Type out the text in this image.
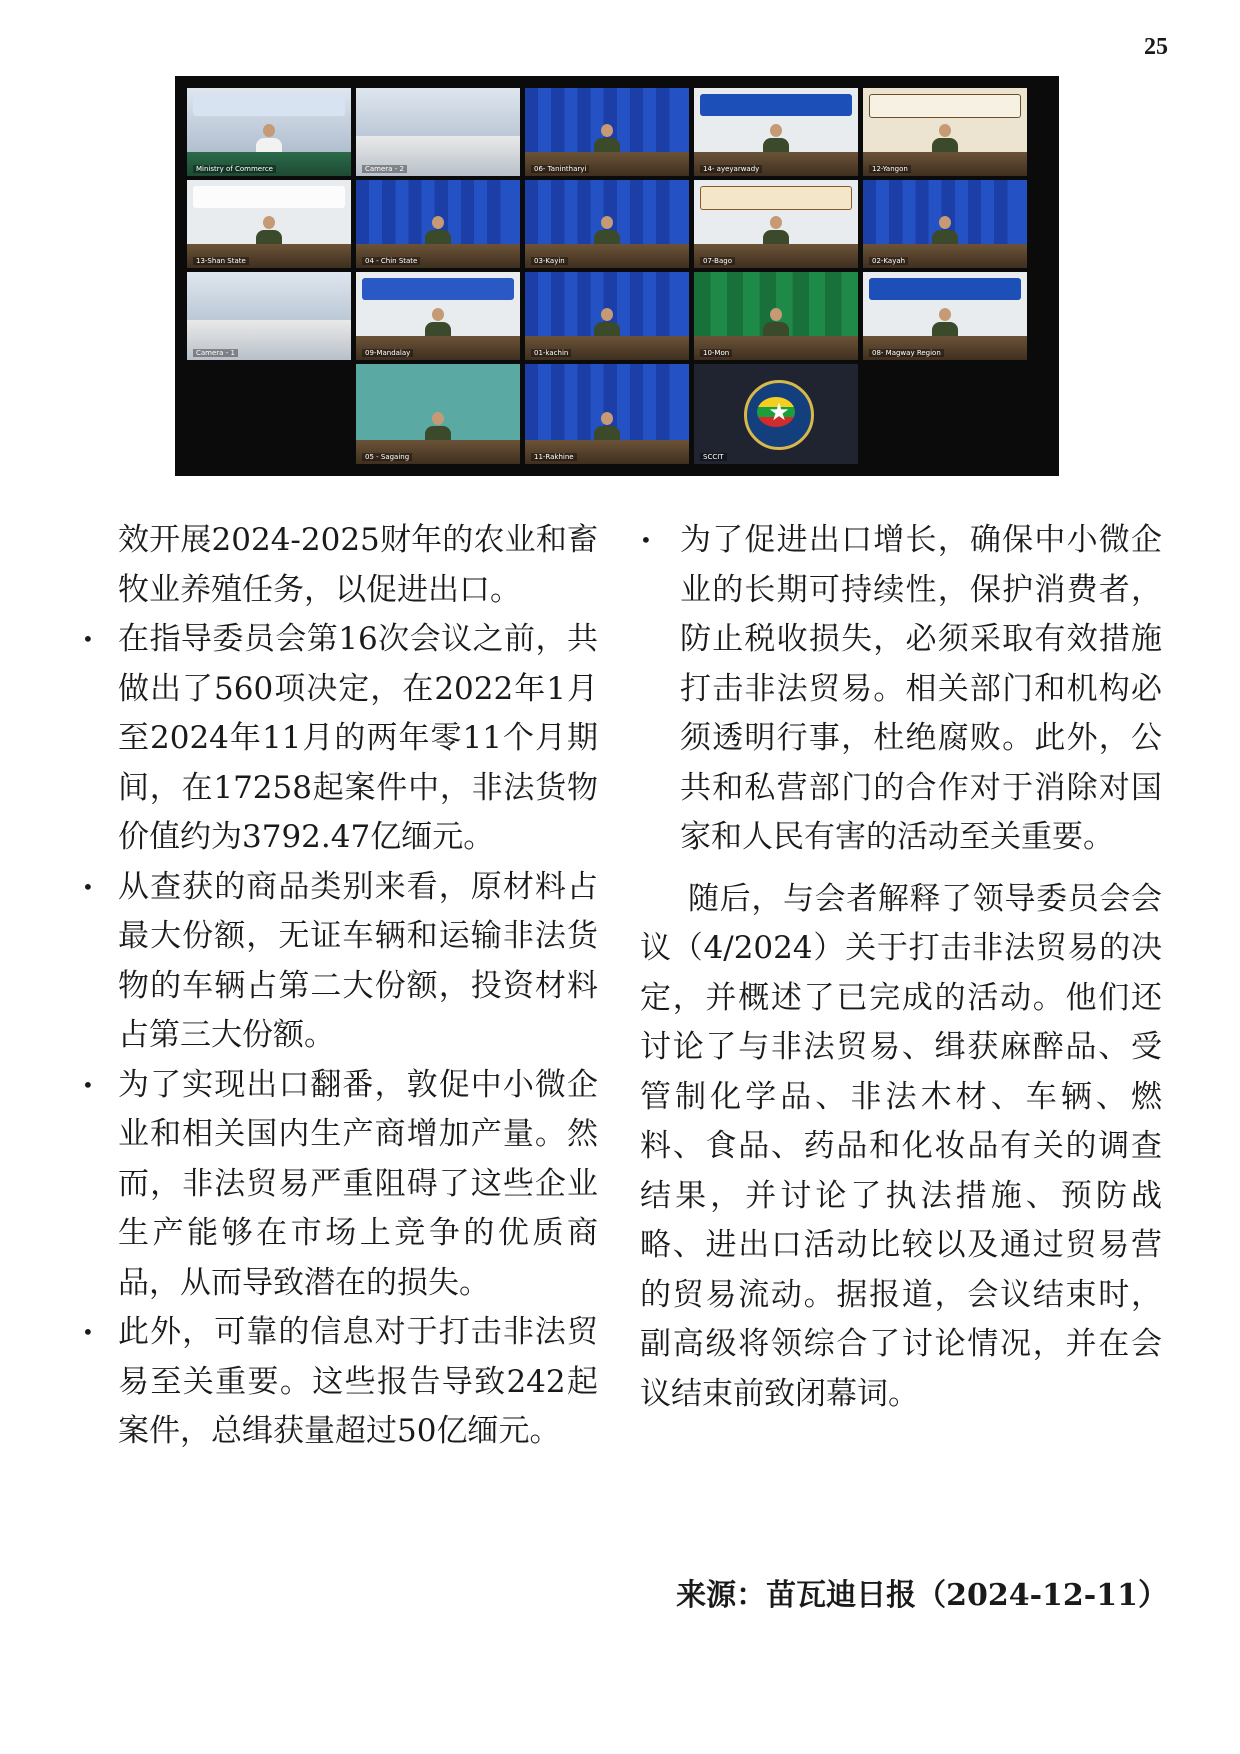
25
Ministry of Commerce	Camera - 2	06- Tanintharyi	14- ayeyarwady	12-Yangon
13-Shan State	04 - Chin State	03-Kayin	07-Bago	02-Kayah
Camera - 1	09-Mandalay	01-kachin	10-Mon	08- Magway Region
05 - Sagaing	11-Rakhine
★
SCCIT

效开展2024-2025财年的农业和畜牧业养殖任务，以促进出口。

• 在指导委员会第16次会议之前，共做出了560项决定，在2022年1月至2024年11月的两年零11个月期间，在17258起案件中，非法货物价值约为3792.47亿缅元。
• 从查获的商品类别来看，原材料占最大份额，无证车辆和运输非法货物的车辆占第二大份额，投资材料占第三大份额。
• 为了实现出口翻番，敦促中小微企业和相关国内生产商增加产量。然而，非法贸易严重阻碍了这些企业生产能够在市场上竞争的优质商品，从而导致潜在的损失。
• 此外，可靠的信息对于打击非法贸易至关重要。这些报告导致242起案件，总缉获量超过50亿缅元。
• 为了促进出口增长，确保中小微企业的长期可持续性，保护消费者，防止税收损失，必须采取有效措施打击非法贸易。相关部门和机构必须透明行事，杜绝腐败。此外，公共和私营部门的合作对于消除对国家和人民有害的活动至关重要。

随后，与会者解释了领导委员会会议（4/2024）关于打击非法贸易的决定，并概述了已完成的活动。他们还讨论了与非法贸易、缉获麻醉品、受管制化学品、非法木材、车辆、燃料、食品、药品和化妆品有关的调查结果，并讨论了执法措施、预防战略、进出口活动比较以及通过贸易营的贸易流动。据报道，会议结束时，副高级将领综合了讨论情况，并在会议结束前致闭幕词。

来源：苗瓦迪日报（2024-12-11）
